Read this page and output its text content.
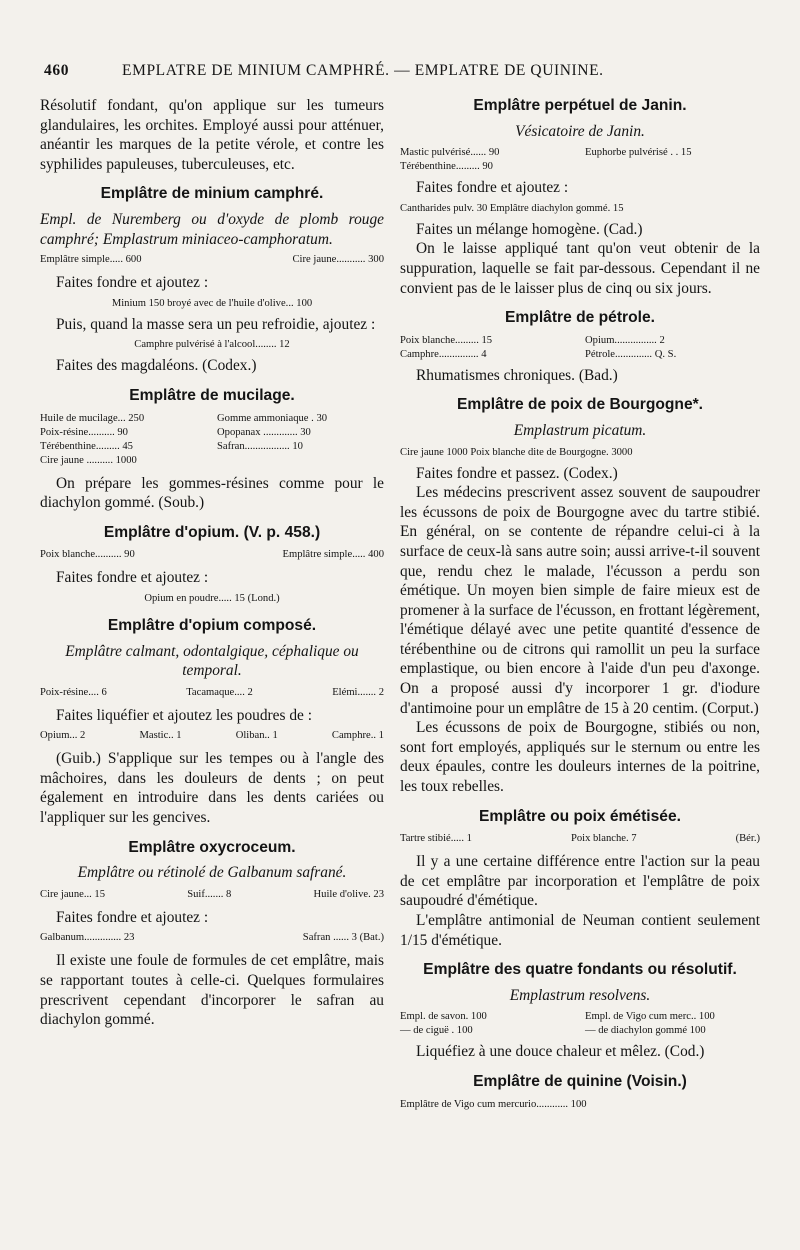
460	EMPLATRE DE MINIUM CAMPHRÉ. — EMPLATRE DE QUININE.

Résolutif fondant, qu'on applique sur les tumeurs glandulaires, les orchites. Employé aussi pour atténuer, anéantir les marques de la petite vérole, et contre les syphilides papuleuses, tuberculeuses, etc.

Emplâtre de minium camphré.

Empl. de Nuremberg ou d'oxyde de plomb rouge camphré; Emplastrum miniaceo-camphoratum.

Emplâtre simple..... 600	Cire jaune........... 300

Faites fondre et ajoutez :

Minium 150 broyé avec de l'huile d'olive... 100

Puis, quand la masse sera un peu refroidie, ajoutez :

Camphre pulvérisé à l'alcool........ 12

Faites des magdaléons. (Codex.)

Emplâtre de mucilage.
Huile de mucilage... 250	Gomme ammoniaque . 30
Poix-résine.......... 90	Opopanax ............. 30
Térébenthine......... 45	Safran................. 10
Cire jaune .......... 1000

On prépare les gommes-résines comme pour le diachylon gommé. (Soub.)

Emplâtre d'opium. (V. p. 458.)
Poix blanche.......... 90	Emplâtre simple..... 400

Faites fondre et ajoutez :

Opium en poudre..... 15 (Lond.)
Emplâtre d'opium composé.

Emplâtre calmant, odontalgique, céphalique ou temporal.

Poix-résine.... 6	Tacamaque.... 2	Elémi....... 2

Faites liquéfier et ajoutez les poudres de :

Opium... 2	Mastic.. 1	Oliban.. 1	Camphre.. 1

(Guib.) S'applique sur les tempes ou à l'angle des mâchoires, dans les douleurs de dents ; on peut également en introduire dans les dents cariées ou l'appliquer sur les gencives.

Emplâtre oxycroceum.

Emplâtre ou rétinolé de Galbanum safrané.

Cire jaune... 15	Suif....... 8	Huile d'olive. 23

Faites fondre et ajoutez :

Galbanum.............. 23	Safran ...... 3 (Bat.)

Il existe une foule de formules de cet emplâtre, mais se rapportant toutes à celle-ci. Quelques formulaires prescrivent cependant d'incorporer le safran au diachylon gommé.

Emplâtre perpétuel de Janin.

Vésicatoire de Janin.

Mastic pulvérisé...... 90	Euphorbe pulvérisé . . 15
Térébenthine......... 90

Faites fondre et ajoutez :

Cantharides pulv. 30 Emplâtre diachylon gommé. 15

Faites un mélange homogène. (Cad.)

On le laisse appliqué tant qu'on veut obtenir de la suppuration, laquelle se fait par-dessous. Cependant il ne convient pas de le laisser plus de cinq ou six jours.

Emplâtre de pétrole.
Poix blanche......... 15	Opium................ 2
Camphre............... 4	Pétrole.............. Q. S.

Rhumatismes chroniques. (Bad.)

Emplâtre de poix de Bourgogne*.

Emplastrum picatum.

Cire jaune 1000 Poix blanche dite de Bourgogne. 3000

Faites fondre et passez. (Codex.)

Les médecins prescrivent assez souvent de saupoudrer les écussons de poix de Bourgogne avec du tartre stibié. En général, on se contente de répandre celui-ci à la surface de ceux-là sans autre soin; aussi arrive-t-il souvent que, rendu chez le malade, l'écusson a perdu son émétique. Un moyen bien simple de faire mieux est de promener à la surface de l'écusson, en frottant légèrement, l'émétique délayé avec une petite quantité d'essence de térébenthine ou de citrons qui ramollit un peu la surface emplastique, ou bien encore à l'aide d'un peu d'axonge. On a proposé aussi d'y incorporer 1 gr. d'iodure d'antimoine pour un emplâtre de 15 à 20 centim. (Corput.)

Les écussons de poix de Bourgogne, stibiés ou non, sont fort employés, appliqués sur le sternum ou entre les deux épaules, contre les douleurs internes de la poitrine, les toux rebelles.

Emplâtre ou poix émétisée.
Tartre stibié..... 1	Poix blanche. 7	(Bér.)

Il y a une certaine différence entre l'action sur la peau de cet emplâtre par incorporation et l'emplâtre de poix saupoudré d'émétique.

L'emplâtre antimonial de Neuman contient seulement 1/15 d'émétique.

Emplâtre des quatre fondants ou résolutif.

Emplastrum resolvens.

Empl. de savon. 100	Empl. de Vigo cum merc.. 100
— de ciguë . 100	— de diachylon gommé 100

Liquéfiez à une douce chaleur et mêlez. (Cod.)

Emplâtre de quinine (Voisin.)
Emplâtre de Vigo cum mercurio............ 100
